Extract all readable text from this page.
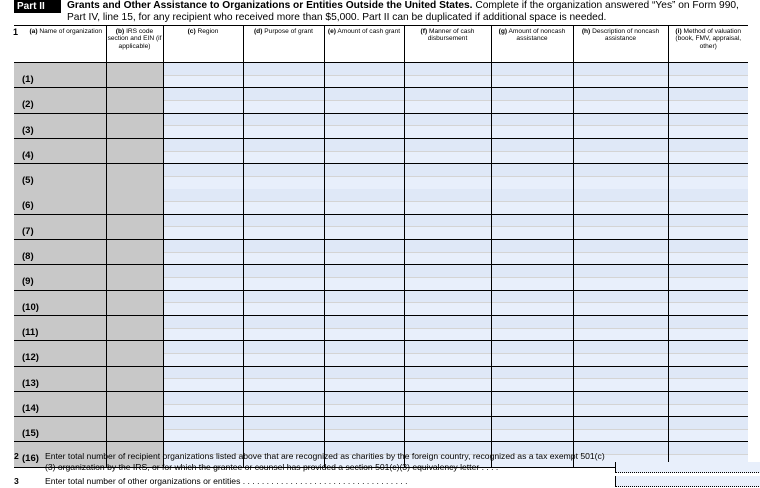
Part II	Grants and Other Assistance to Organizations or Entities Outside the United States. Complete if the organization answered “Yes” on Form 990, Part IV, line 15, for any recipient who received more than $5,000. Part II can be duplicated if additional space is needed.
1 (a) Name of organization	(b) IRS code section and EIN (if applicable)	(c) Region	(d) Purpose of grant	(e) Amount of cash grant	(f) Manner of cash disbursement	(g) Amount of noncash assistance	(h) Description of noncash assistance	(i) Method of valuation (book, FMV, appraisal, other)

(1)								

(2)								

(3)								

(4)								

(5)								

(6)								

(7)								

(8)								

(9)								

(10)								

(11)								

(12)								

(13)								

(14)								

(15)								

(16)								

2	Enter total number of recipient organizations listed above that are recognized as charities by the foreign country, recognized as a tax exempt 501(c)(3) organization by the IRS, or for which the grantee or counsel has provided a section 501(c)(3) equivalency letter . . . .
3	Enter total number of other organizations or entities . . . . . . . . . . . . . . . . . . . . . . . . . . . . . . . . . . .
